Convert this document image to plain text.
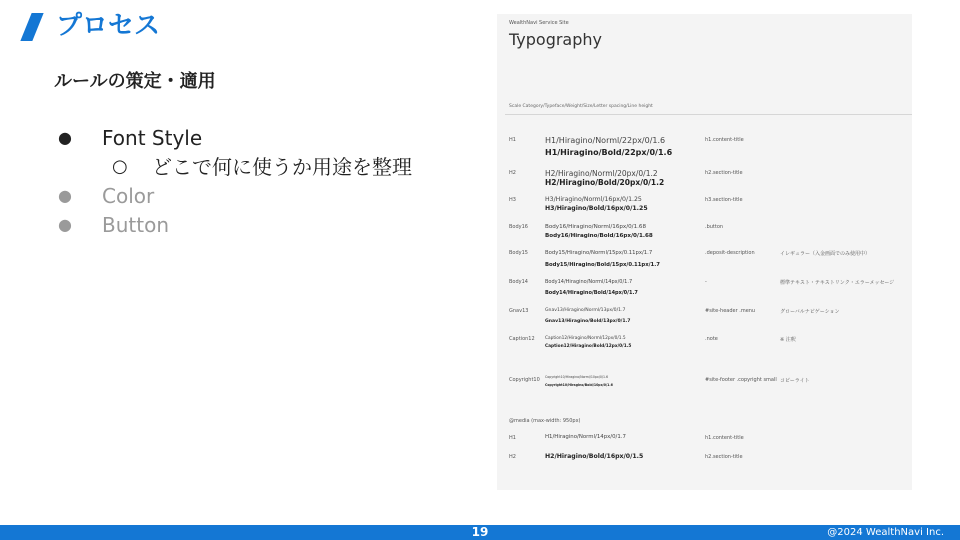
プロセス
ルールの策定・適用
● Font Style
○ どこで何に使うか用途を整理
● Color
● Button
WealthNavi Service Site
Typography
Scale Category/Typeface/Weight/Size/Letter spacing/Line height
H1	H1/Hiragino/Norml/22px/0/1.6
H1/Hiragino/Bold/22px/0/1.6
h1.content-title
H2	H2/Hiragino/Norml/20px/0/1.2
H2/Hiragino/Bold/20px/0/1.2
h2.section-title
H3	H3/Hiragino/Norml/16px/0/1.25
H3/Hiragino/Bold/16px/0/1.25
h3.section-title
Body16	Body16/Hiragino/Norml/16px/0/1.68
Body16/Hiragino/Bold/16px/0/1.68
.button
Body15	Body15/Hiragino/Norml/15px/0.11px/1.7
Body15/Hiragino/Bold/15px/0.11px/1.7
.deposit-description	イレギュラー（入金画面でのみ使用中）
Body14	Body14/Hiragino/Norml/14px/0/1.7
Body14/Hiragino/Bold/14px/0/1.7
-	標準テキスト・テキストリンク・エラーメッセージ
Gnav13	Gnav13/Hiragino/Norml/13px/0/1.7
Gnav13/Hiragino/Bold/13px/0/1.7
#site-header .menu	グローバルナビゲーション
Caption12 Caption12/Hiragino/Norml/12px/0/1.5
Caption12/Hiragino/Bold/12px/0/1.5
.note	※ 注釈
Copyright10 Copyright10/Hiragino/Norml/10px/0/1.6
Copyright10/Hiragino/Bold/10px/0/1.6
#site-footer .copyright small コピーライト
@media (max-width: 950px)
H1	H1/Hiragino/Norml/14px/0/1.7	h1.content-title
H2	H2/Hiragino/Bold/16px/0/1.5	h2.section-title
19	@2024 WealthNavi Inc.
